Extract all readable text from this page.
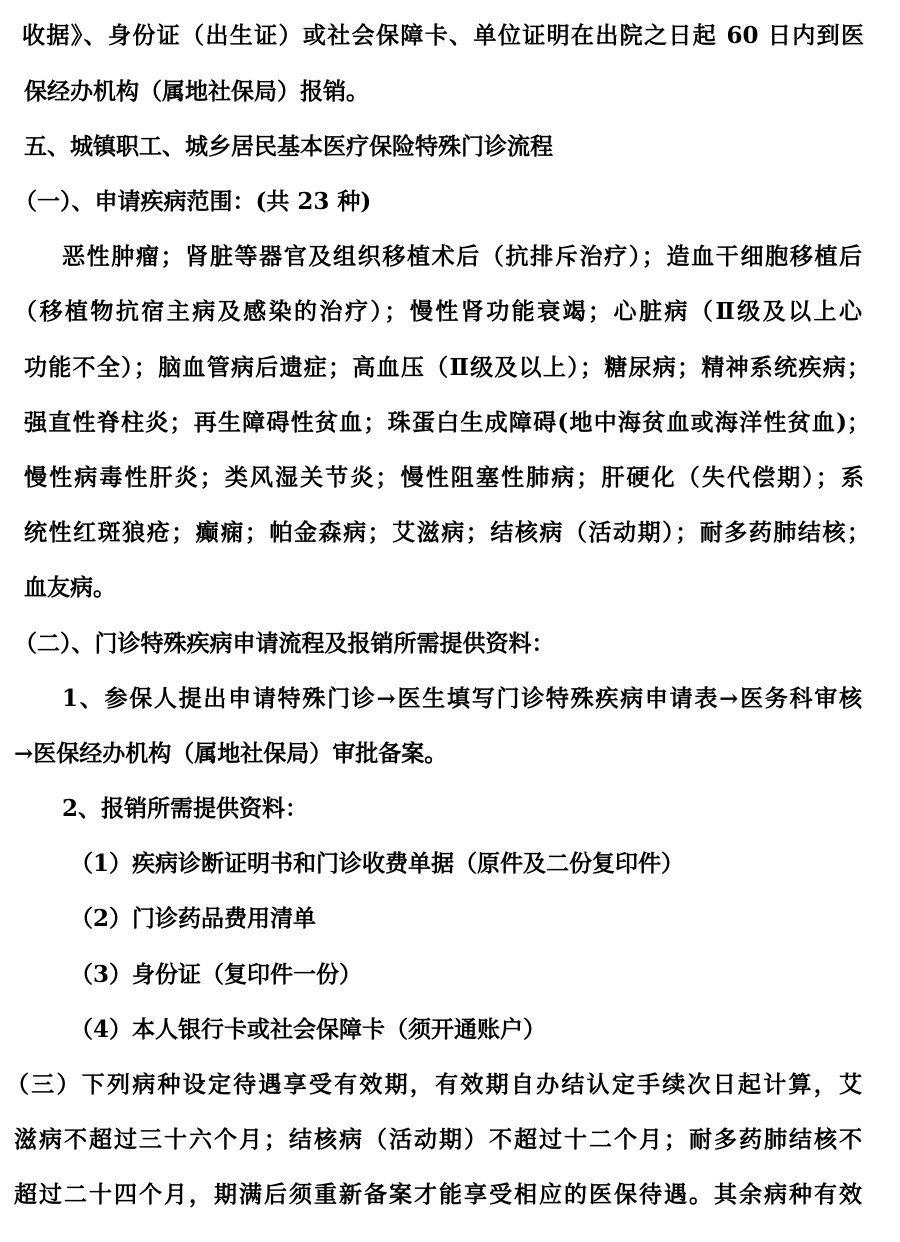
收据》、身份证（出生证）或社会保障卡、单位证明在出院之日起 60 日内到医
保经办机构（属地社保局）报销。
五、城镇职工、城乡居民基本医疗保险特殊门诊流程
（一）、申请疾病范围：(共 23 种)
恶性肿瘤；肾脏等器官及组织移植术后（抗排斥治疗）；造血干细胞移植后
（移植物抗宿主病及感染的治疗）；慢性肾功能衰竭；心脏病（Ⅱ级及以上心
功能不全）；脑血管病后遗症；高血压（Ⅱ级及以上）；糖尿病；精神系统疾病；
强直性脊柱炎；再生障碍性贫血；珠蛋白生成障碍(地中海贫血或海洋性贫血)；
慢性病毒性肝炎；类风湿关节炎；慢性阻塞性肺病；肝硬化（失代偿期）；系
统性红斑狼疮；癫痫；帕金森病；艾滋病；结核病（活动期）；耐多药肺结核；
血友病。
（二）、门诊特殊疾病申请流程及报销所需提供资料：
1、参保人提出申请特殊门诊→医生填写门诊特殊疾病申请表→医务科审核
→医保经办机构（属地社保局）审批备案。
2、报销所需提供资料：
（1）疾病诊断证明书和门诊收费单据（原件及二份复印件）
（2）门诊药品费用清单
（3）身份证（复印件一份）
（4）本人银行卡或社会保障卡（须开通账户）
（三）下列病种设定待遇享受有效期，有效期自办结认定手续次日起计算，艾
滋病不超过三十六个月；结核病（活动期）不超过十二个月；耐多药肺结核不
超过二十四个月，期满后须重新备案才能享受相应的医保待遇。其余病种有效
